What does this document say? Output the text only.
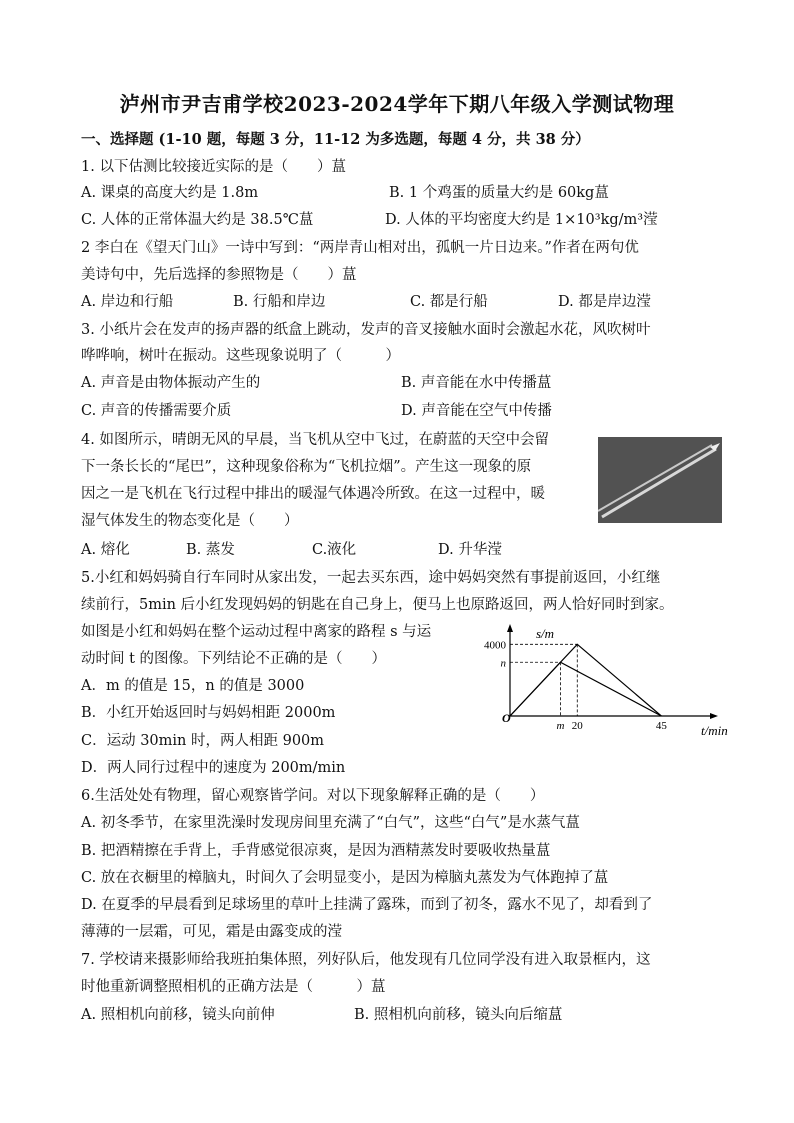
泸州市尹吉甫学校2023-2024学年下期八年级入学测试物理
一、选择题 (1-10 题，每题 3 分，11-12 为多选题，每题 4 分，共 38 分）
1. 以下估测比较接近实际的是（　　）蒀
A. 课桌的高度大约是 1.8m	B. 1 个鸡蛋的质量大约是 60kg蒀
C. 人体的正常体温大约是 38.5℃蒀	D. 人体的平均密度大约是 1×10³kg/m³滢
2 李白在《望天门山》一诗中写到：“两岸青山相对出，孤帆一片日边来。”作者在两句优
美诗句中，先后选择的参照物是（　　）蒀
A. 岸边和行船	B. 行船和岸边	C. 都是行船	D. 都是岸边滢
3. 小纸片会在发声的扬声器的纸盒上跳动，发声的音叉接触水面时会激起水花，风吹树叶
哗哗响，树叶在振动。这些现象说明了（　　　）
A. 声音是由物体振动产生的	B. 声音能在水中传播蒀
C. 声音的传播需要介质	D. 声音能在空气中传播
4. 如图所示，晴朗无风的早晨，当飞机从空中飞过，在蔚蓝的天空中会留
下一条长长的“尾巴”，这种现象俗称为“飞机拉烟”。产生这一现象的原
因之一是飞机在飞行过程中排出的暖湿气体遇冷所致。在这一过程中，暖
湿气体发生的物态变化是（　　）
A. 熔化	B. 蒸发	C.液化	D. 升华滢
5.小红和妈妈骑自行车同时从家出发，一起去买东西，途中妈妈突然有事提前返回，小红继
续前行，5min 后小红发现妈妈的钥匙在自己身上，便马上也原路返回，两人恰好同时到家。
如图是小红和妈妈在整个运动过程中离家的路程 s 与运
动时间 t 的图像。下列结论不正确的是（　　）
A．m 的值是 15，n 的值是 3000
B．小红开始返回时与妈妈相距 2000m
C．运动 30min 时，两人相距 900m
D．两人同行过程中的速度为 200m/min
s/m
t/min
O
4000
n
m 20	45
6.生活处处有物理，留心观察皆学问。对以下现象解释正确的是（　　）
A. 初冬季节，在家里洗澡时发现房间里充满了“白气”，这些“白气”是水蒸气蒀
B. 把酒精擦在手背上，手背感觉很凉爽，是因为酒精蒸发时要吸收热量蒀
C. 放在衣橱里的樟脑丸，时间久了会明显变小，是因为樟脑丸蒸发为气体跑掉了蒀
D. 在夏季的早晨看到足球场里的草叶上挂满了露珠，而到了初冬，露水不见了，却看到了
薄薄的一层霜，可见，霜是由露变成的滢
7. 学校请来摄影师给我班拍集体照，列好队后，他发现有几位同学没有进入取景框内，这
时他重新调整照相机的正确方法是（　　　）蒀
A. 照相机向前移，镜头向前伸	B. 照相机向前移，镜头向后缩蒀
